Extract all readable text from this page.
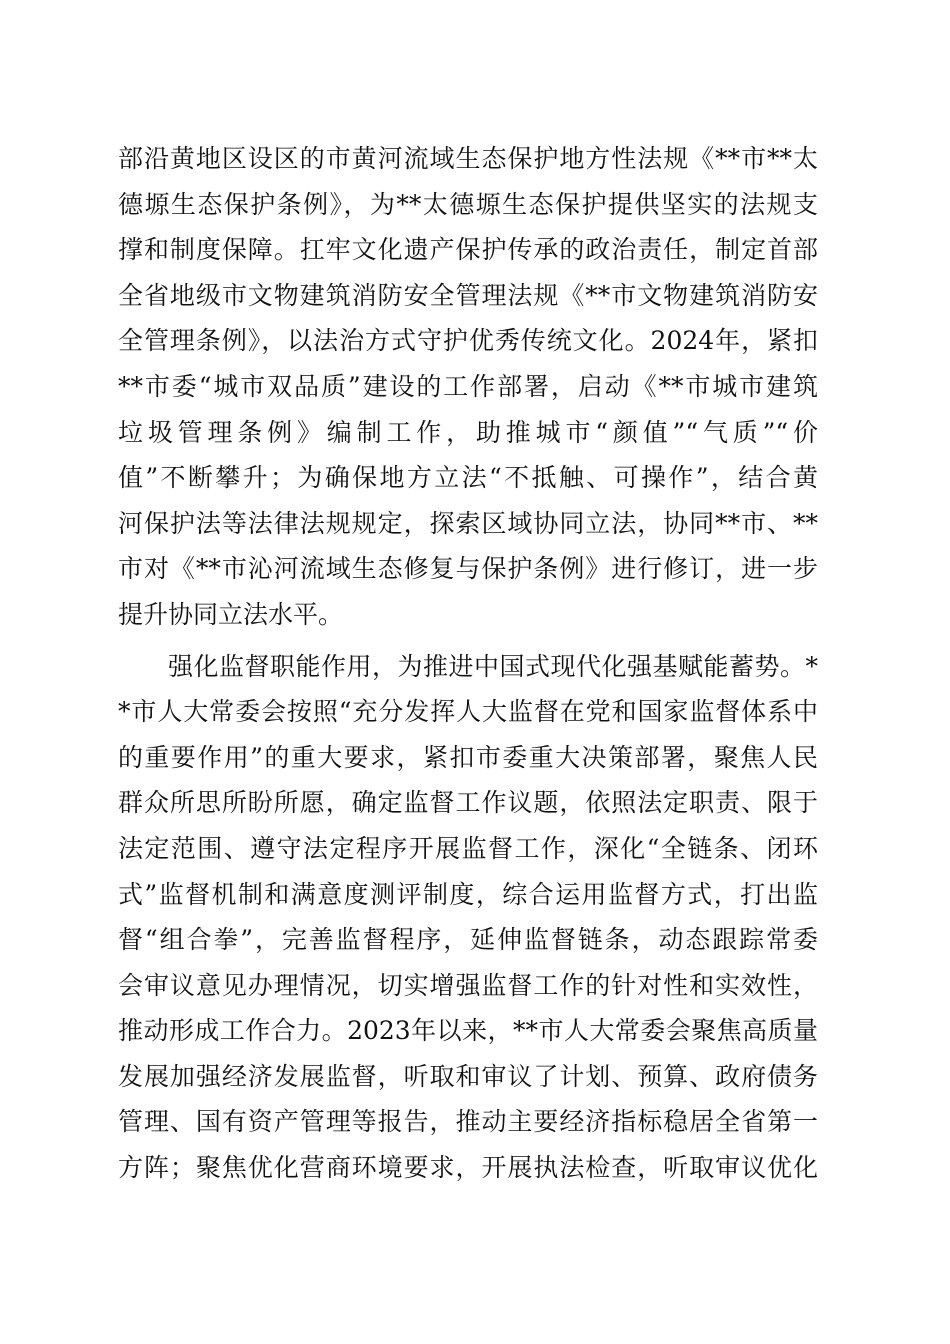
部沿黄地区设区的市黄河流域生态保护地方性法规《**市**太
德塬生态保护条例》，为**太德塬生态保护提供坚实的法规支
撑和制度保障。扛牢文化遗产保护传承的政治责任，制定首部
全省地级市文物建筑消防安全管理法规《**市文物建筑消防安
全管理条例》，以法治方式守护优秀传统文化。2024年，紧扣
**市委“城市双品质”建设的工作部署，启动《**市城市建筑
垃圾管理条例》编制工作，助推城市“颜值”“气质”“价
值”不断攀升；为确保地方立法“不抵触、可操作”，结合黄
河保护法等法律法规规定，探索区域协同立法，协同**市、**
市对《**市沁河流域生态修复与保护条例》进行修订，进一步
提升协同立法水平。
强化监督职能作用，为推进中国式现代化强基赋能蓄势。*
*市人大常委会按照“充分发挥人大监督在党和国家监督体系中
的重要作用”的重大要求，紧扣市委重大决策部署，聚焦人民
群众所思所盼所愿，确定监督工作议题，依照法定职责、限于
法定范围、遵守法定程序开展监督工作，深化“全链条、闭环
式”监督机制和满意度测评制度，综合运用监督方式，打出监
督“组合拳”，完善监督程序，延伸监督链条，动态跟踪常委
会审议意见办理情况，切实增强监督工作的针对性和实效性，
推动形成工作合力。2023年以来，**市人大常委会聚焦高质量
发展加强经济发展监督，听取和审议了计划、预算、政府债务
管理、国有资产管理等报告，推动主要经济指标稳居全省第一
方阵；聚焦优化营商环境要求，开展执法检查，听取审议优化
